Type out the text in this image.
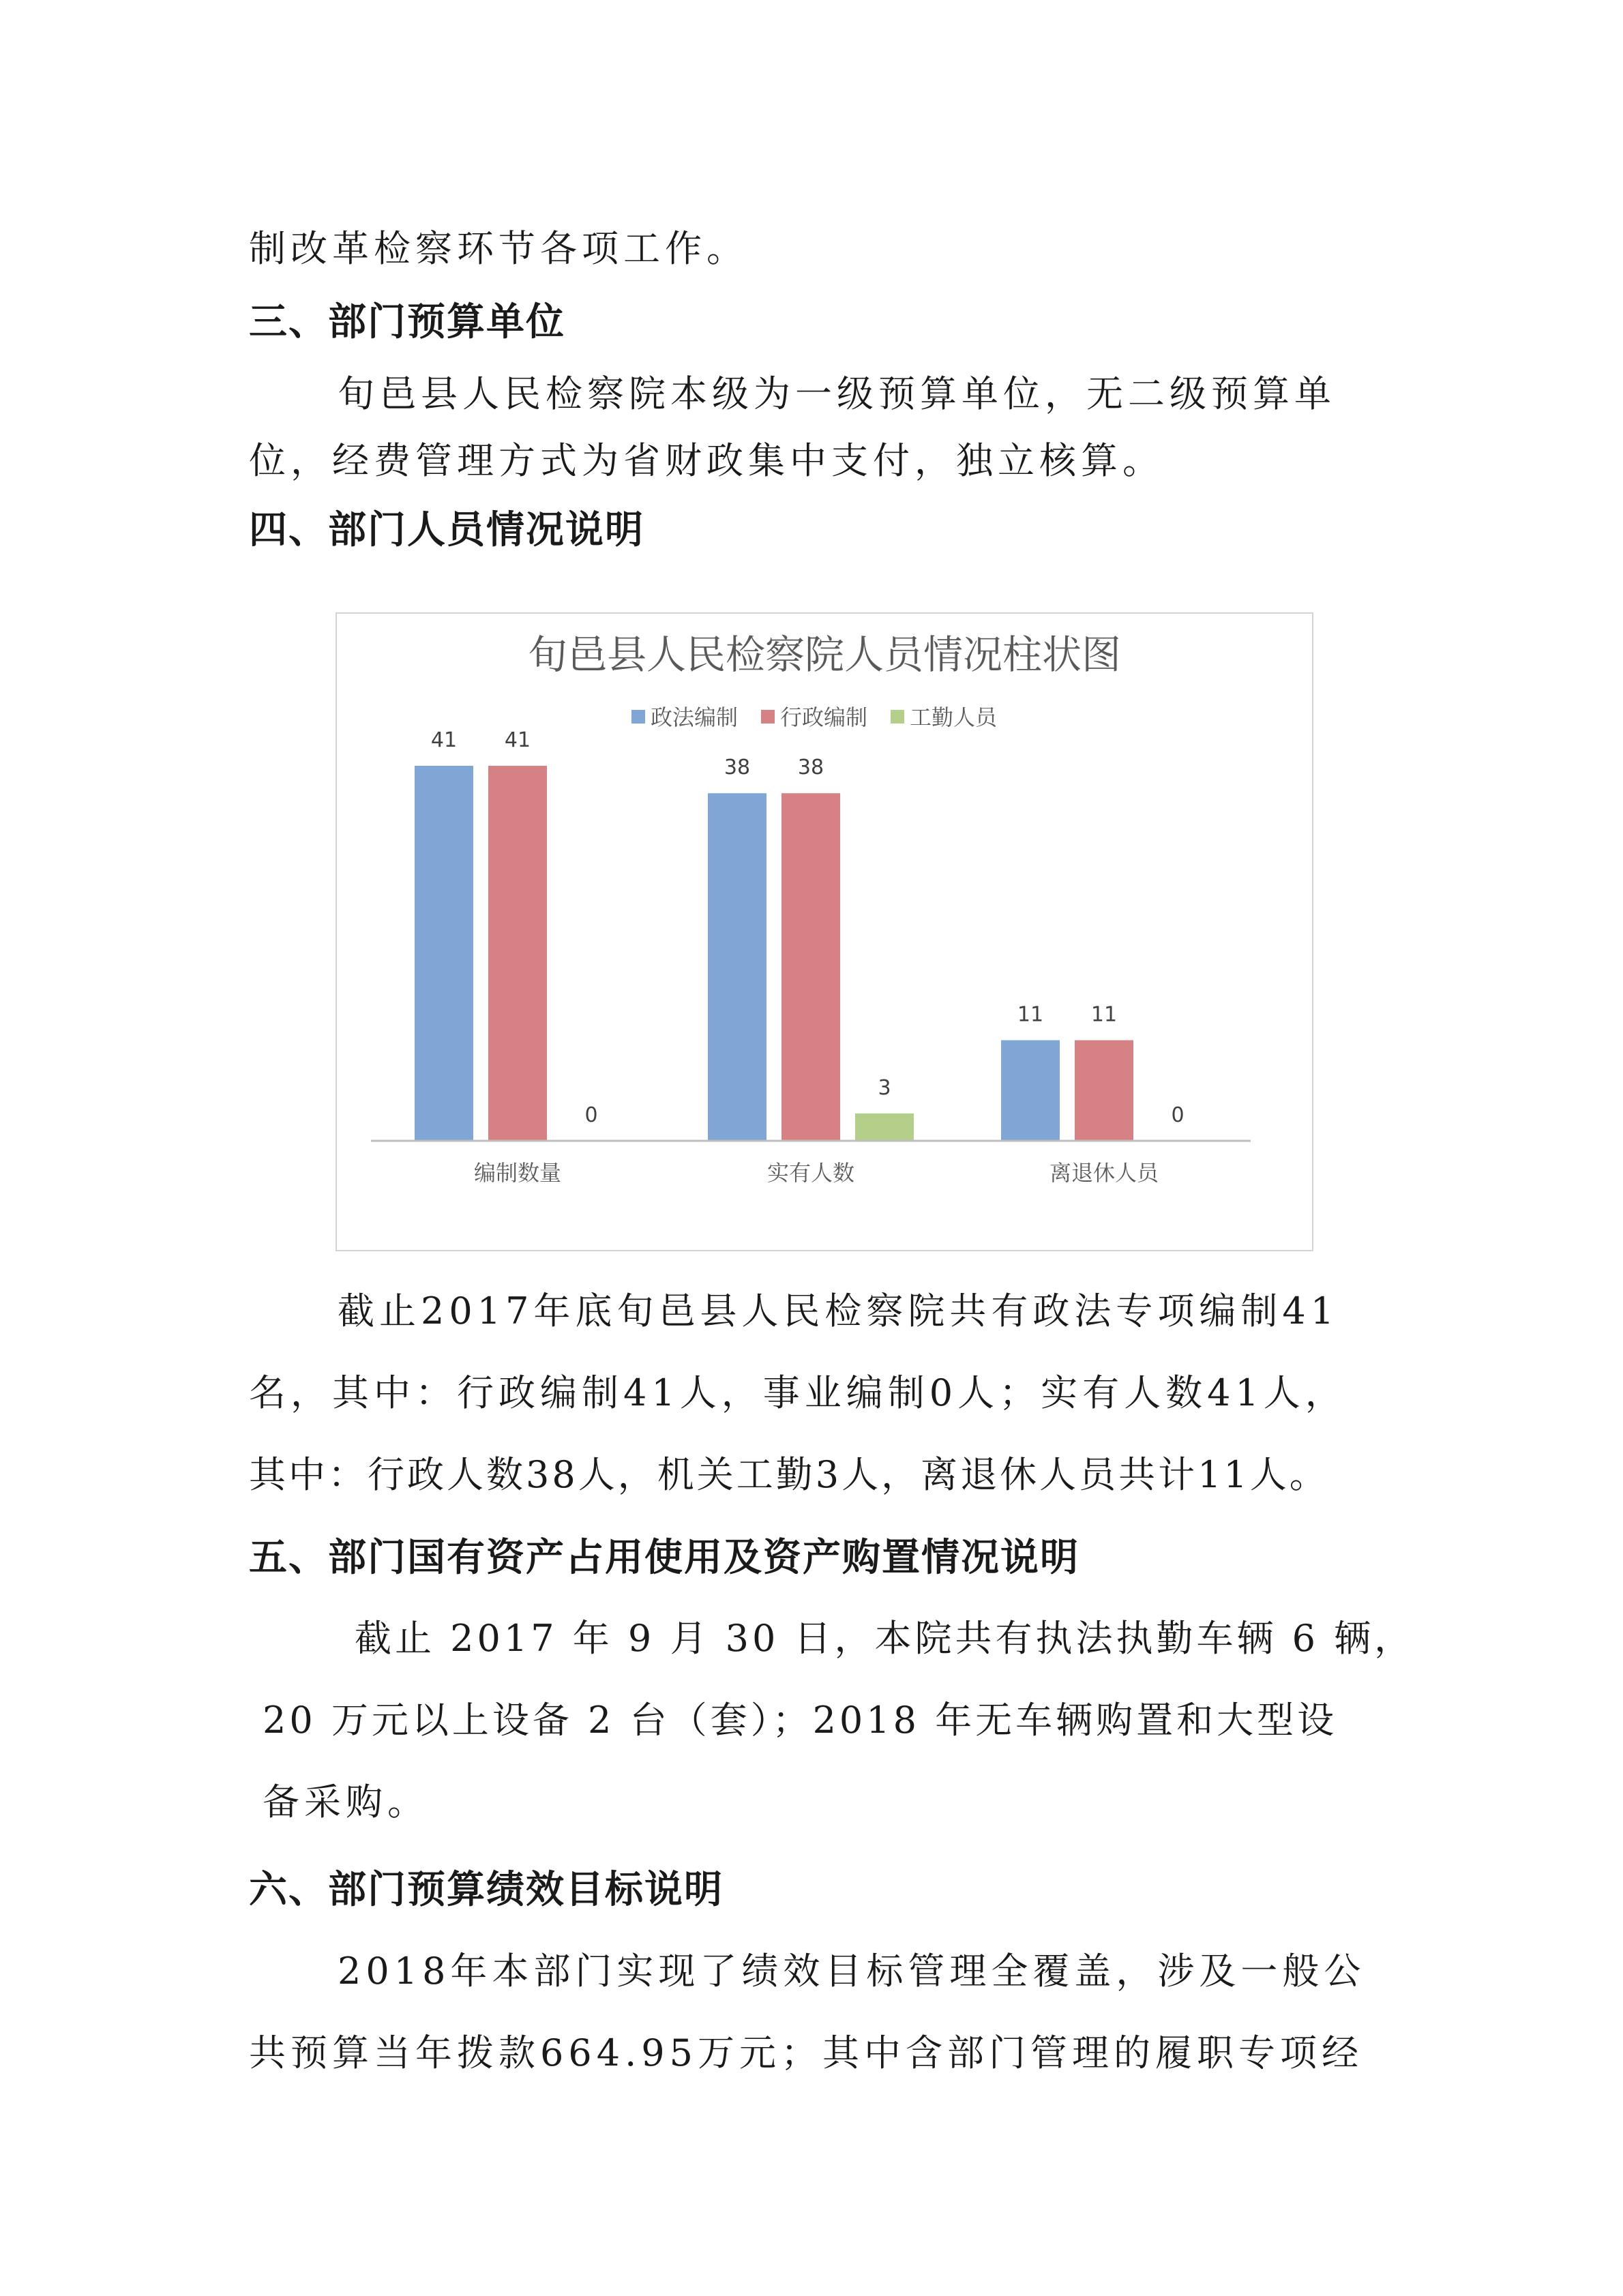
制改革检察环节各项工作。
三、部门预算单位
旬邑县人民检察院本级为一级预算单位，无二级预算单
位，经费管理方式为省财政集中支付，独立核算。
四、部门人员情况说明
旬邑县人民检察院人员情况柱状图
政法编制 行政编制 工勤人员
41 41
0
38 38
3
11 11
0
编制数量	实有人数	离退休人员
截止2017年底旬邑县人民检察院共有政法专项编制41
名，其中：行政编制41人，事业编制0人；实有人数41人，
其中：行政人数38人，机关工勤3人，离退休人员共计11人。
五、部门国有资产占用使用及资产购置情况说明
截止 2017 年 9 月 30 日，本院共有执法执勤车辆 6 辆，
20 万元以上设备 2 台（套）；2018 年无车辆购置和大型设
备采购。
六、部门预算绩效目标说明
2018年本部门实现了绩效目标管理全覆盖，涉及一般公
共预算当年拨款664.95万元；其中含部门管理的履职专项经
